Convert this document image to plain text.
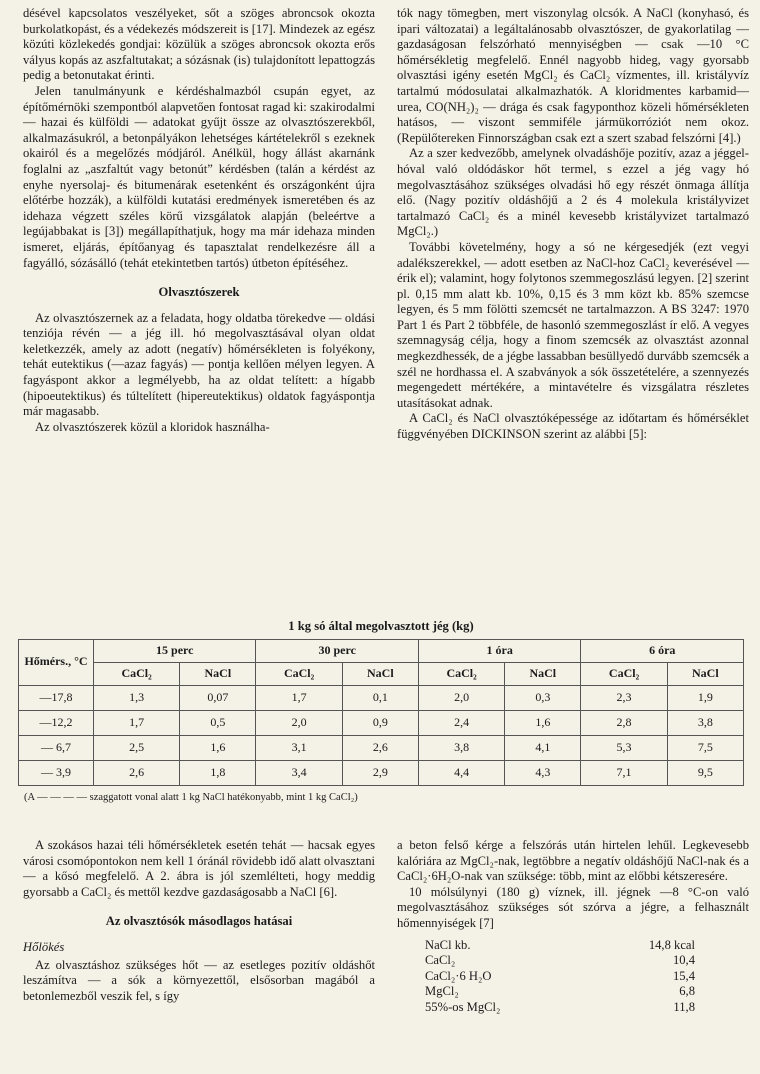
désével kapcsolatos veszélyeket, sőt a szöges abroncsok okozta burkolatkopást, és a védekezés módszereit is [17]. Mindezek az egész közúti közlekedés gondjai: közülük a szöges abroncsok okozta erős vályus kopás az aszfaltutakat; a sózásnak (is) tulajdonított lepattogzás pedig a betonutakat érinti.

Jelen tanulmányunk e kérdéshalmazból csupán egyet, az építőmérnöki szempontból alapvetően fontosat ragad ki: szakirodalmi — hazai és külföldi — adatokat gyűjt össze az olvasztószerekből, alkalmazásukról, a betonpályákon lehetséges kártételekről s ezeknek okairól és a megelőzés módjáról. Anélkül, hogy állást akarnánk foglalni az „aszfaltút vagy betonút” kérdésben (talán a kérdést az enyhe nyersolaj- és bitumenárak esetenként és országonként újra előtérbe hozzák), a külföldi kutatási eredmények ismeretében és az idehaza végzett széles körű vizsgálatok alapján (beleértve a legújabbakat is [3]) megállapíthatjuk, hogy ma már idehaza minden ismeret, eljárás, építőanyag és tapasztalat rendelkezésre áll a fagyálló, sózásálló (tehát etekintetben tartós) útbeton építéséhez.

Olvasztószerek

Az olvasztószernek az a feladata, hogy oldatba törekedve — oldási tenziója révén — a jég ill. hó megolvasztásával olyan oldat keletkezzék, amely az adott (negatív) hőmérsékleten is folyékony, tehát eutektikus (—azaz fagyás) — pontja kellően mélyen legyen. A fagyáspont akkor a legmélyebb, ha az oldat telített: a hígabb (hipoeutektikus) és túltelített (hipereutektikus) oldatok fagyáspontja már magasabb.

Az olvasztószerek közül a kloridok használha-

tók nagy tömegben, mert viszonylag olcsók. A NaCl (konyhasó, és ipari változatai) a legáltalánosabb olvasztószer, de gyakorlatilag — gazdaságosan felszórható mennyiségben — csak —10 °C hőmérsékletig megfelelő. Ennél nagyobb hideg, vagy gyorsabb olvasztási igény esetén MgCl₂ és CaCl₂ vízmentes, ill. kristályvíz tartalmú módosulatai alkalmazhatók. A kloridmentes karbamid—urea, CO(NH₂)₂ — drága és csak fagyponthoz közeli hőmérsékleten hatásos, — viszont semmiféle jármükorróziót nem okoz. (Repülőtereken Finnországban csak ezt a szert szabad felszórni [4].)

Az a szer kedvezőbb, amelynek olvadáshője pozitív, azaz a jéggel-hóval való oldódáskor hőt termel, s ezzel a jég vagy hó megolvasztásához szükséges olvadási hő egy részét önmaga állítja elő. (Nagy pozitív oldáshőjű a 2 és 4 molekula kristályvizet tartalmazó CaCl₂ és a minél kevesebb kristályvizet tartalmazó MgCl₂.)

További követelmény, hogy a só ne kérgesedjék (ezt vegyi adalékszerekkel, — adott esetben az NaCl-hoz CaCl₂ keverésével — érik el); valamint, hogy folytonos szemmegoszlású legyen. [2] szerint pl. 0,15 mm alatt kb. 10%, 0,15 és 3 mm közt kb. 85% szemcse legyen, és 5 mm fölötti szemcsét ne tartalmazzon. A BS 3247: 1970 Part 1 és Part 2 többféle, de hasonló szemmegoszlást ír elő. A vegyes szemnagyság célja, hogy a finom szemcsék az olvasztást azonnal megkezdhessék, de a jégbe lassabban besüllyedő durvább szemcsék a szél ne hordhassa el. A szabványok a sók összetételére, a szennyezés megengedett mértékére, a mintavételre és vizsgálatra részletes utasításokat adnak.

A CaCl₂ és NaCl olvasztóképessége az időtartam és hőmérséklet függvényében DICKINSON szerint az alábbi [5]:

1 kg só által megolvasztott jég (kg)
Hőmérs., °C	15 perc		30 perc		1 óra		6 óra	
	CaCl₂	NaCl	CaCl₂	NaCl	CaCl₂	NaCl	CaCl₂	NaCl
—17,8	1,3	0,07	1,7	0,1	2,0	0,3	2,3	1,9
—12,2	1,7	0,5	2,0	0,9	2,4	1,6	2,8	3,8
— 6,7	2,5	1,6	3,1	2,6	3,8	4,1	5,3	7,5
— 3,9	2,6	1,8	3,4	2,9	4,4	4,3	7,1	9,5
(A — — — — szaggatott vonal alatt 1 kg NaCl hatékonyabb, mint 1 kg CaCl₂)

A szokásos hazai téli hőmérsékletek esetén tehát — hacsak egyes városi csomópontokon nem kell 1 óránál rövidebb idő alatt olvasztani — a kősó megfelelő. A 2. ábra is jól szemlélteti, hogy meddig gyorsabb a CaCl₂ és mettől kezdve gazdaságosabb a NaCl [6].

Az olvasztósók másodlagos hatásai
Hőlökés

Az olvasztáshoz szükséges hőt — az esetleges pozitív oldáshőt leszámítva — a sók a környezettől, elsősorban magából a betonlemezből veszik fel, s így

a beton felső kérge a felszórás után hirtelen lehűl. Legkevesebb kalóriára az MgCl₂-nak, legtöbbre a negatív oldáshőjű NaCl-nak és a CaCl₂·6H₂O-nak van szüksége: több, mint az előbbi kétszeresére.

10 mólsúlynyi (180 g) víznek, ill. jégnek —8 °C-on való megolvasztásához szükséges sót szórva a jégre, a felhasznált hőmennyiségek [7]

NaCl kb.	14,8 kcal
CaCl₂	10,4
CaCl₂·6 H₂O	15,4
MgCl₂	6,8
55%-os MgCl₂	11,8
